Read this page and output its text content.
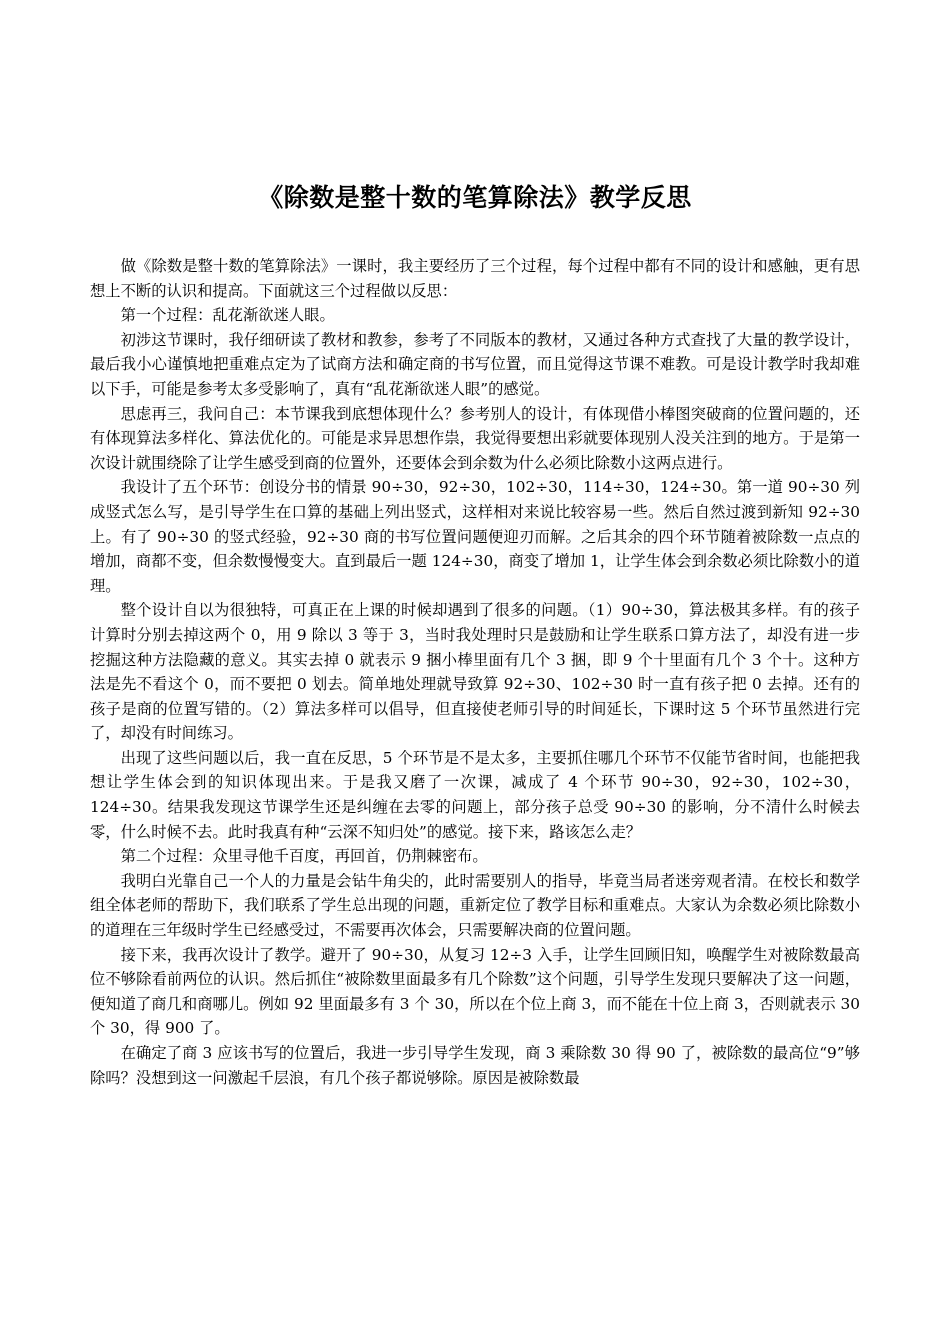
《除数是整十数的笔算除法》教学反思

做《除数是整十数的笔算除法》一课时，我主要经历了三个过程，每个过程中都有不同的设计和感触，更有思想上不断的认识和提高。下面就这三个过程做以反思：

第一个过程：乱花渐欲迷人眼。

初涉这节课时，我仔细研读了教材和教参，参考了不同版本的教材，又通过各种方式查找了大量的教学设计，最后我小心谨慎地把重难点定为了试商方法和确定商的书写位置，而且觉得这节课不难教。可是设计教学时我却难以下手，可能是参考太多受影响了，真有“乱花渐欲迷人眼”的感觉。

思虑再三，我问自己：本节课我到底想体现什么？参考别人的设计，有体现借小棒图突破商的位置问题的，还有体现算法多样化、算法优化的。可能是求异思想作祟，我觉得要想出彩就要体现别人没关注到的地方。于是第一次设计就围绕除了让学生感受到商的位置外，还要体会到余数为什么必须比除数小这两点进行。

我设计了五个环节：创设分书的情景 90÷30，92÷30，102÷30，114÷30，124÷30。第一道 90÷30 列成竖式怎么写，是引导学生在口算的基础上列出竖式，这样相对来说比较容易一些。然后自然过渡到新知 92÷30 上。有了 90÷30 的竖式经验，92÷30 商的书写位置问题便迎刃而解。之后其余的四个环节随着被除数一点点的增加，商都不变，但余数慢慢变大。直到最后一题 124÷30，商变了增加 1，让学生体会到余数必须比除数小的道理。

整个设计自以为很独特，可真正在上课的时候却遇到了很多的问题。（1）90÷30，算法极其多样。有的孩子计算时分别去掉这两个 0，用 9 除以 3 等于 3，当时我处理时只是鼓励和让学生联系口算方法了，却没有进一步挖掘这种方法隐藏的意义。其实去掉 0 就表示 9 捆小棒里面有几个 3 捆，即 9 个十里面有几个 3 个十。这种方法是先不看这个 0，而不要把 0 划去。简单地处理就导致算 92÷30、102÷30 时一直有孩子把 0 去掉。还有的孩子是商的位置写错的。（2）算法多样可以倡导，但直接使老师引导的时间延长，下课时这 5 个环节虽然进行完了，却没有时间练习。

出现了这些问题以后，我一直在反思，5 个环节是不是太多，主要抓住哪几个环节不仅能节省时间，也能把我想让学生体会到的知识体现出来。于是我又磨了一次课，减成了 4 个环节 90÷30，92÷30，102÷30，124÷30。结果我发现这节课学生还是纠缠在去零的问题上，部分孩子总受 90÷30 的影响，分不清什么时候去零，什么时候不去。此时我真有种“云深不知归处”的感觉。接下来，路该怎么走？

第二个过程：众里寻他千百度，再回首，仍荆棘密布。

我明白光靠自己一个人的力量是会钻牛角尖的，此时需要别人的指导，毕竟当局者迷旁观者清。在校长和数学组全体老师的帮助下，我们联系了学生总出现的问题，重新定位了教学目标和重难点。大家认为余数必须比除数小的道理在三年级时学生已经感受过，不需要再次体会，只需要解决商的位置问题。

接下来，我再次设计了教学。避开了 90÷30，从复习 12÷3 入手，让学生回顾旧知，唤醒学生对被除数最高位不够除看前两位的认识。然后抓住“被除数里面最多有几个除数”这个问题，引导学生发现只要解决了这一问题，便知道了商几和商哪儿。例如 92 里面最多有 3 个 30，所以在个位上商 3，而不能在十位上商 3，否则就表示 30 个 30，得 900 了。

在确定了商 3 应该书写的位置后，我进一步引导学生发现，商 3 乘除数 30 得 90 了，被除数的最高位“9”够除吗？没想到这一问激起千层浪，有几个孩子都说够除。原因是被除数最
